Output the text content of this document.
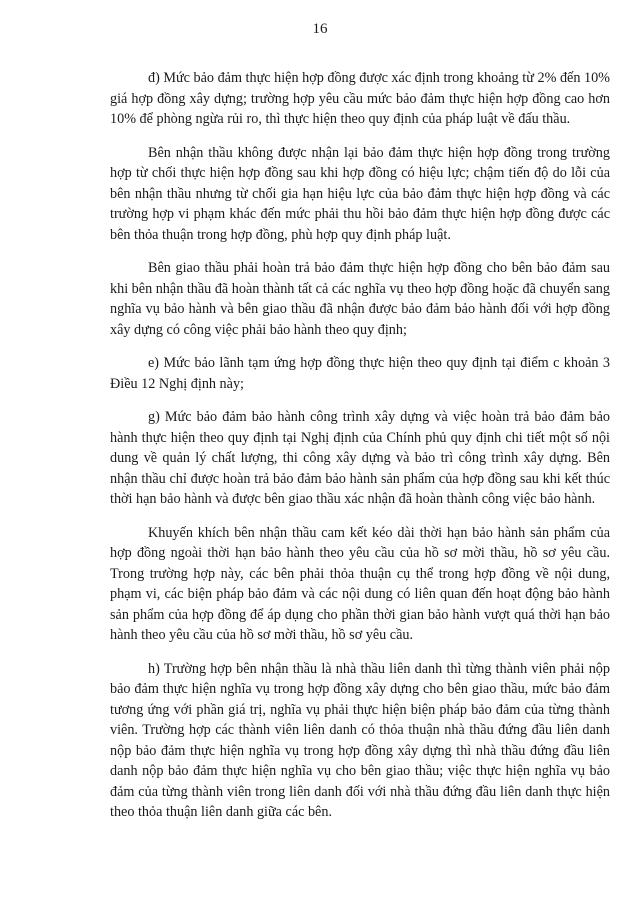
16

đ) Mức bảo đảm thực hiện hợp đồng được xác định trong khoảng từ 2% đến 10% giá hợp đồng xây dựng; trường hợp yêu cầu mức bảo đảm thực hiện hợp đồng cao hơn 10% để phòng ngừa rủi ro, thì thực hiện theo quy định của pháp luật về đấu thầu.

Bên nhận thầu không được nhận lại bảo đảm thực hiện hợp đồng trong trường hợp từ chối thực hiện hợp đồng sau khi hợp đồng có hiệu lực; chậm tiến độ do lỗi của bên nhận thầu nhưng từ chối gia hạn hiệu lực của bảo đảm thực hiện hợp đồng và các trường hợp vi phạm khác đến mức phải thu hồi bảo đảm thực hiện hợp đồng được các bên thỏa thuận trong hợp đồng, phù hợp quy định pháp luật.

Bên giao thầu phải hoàn trả bảo đảm thực hiện hợp đồng cho bên bảo đảm sau khi bên nhận thầu đã hoàn thành tất cả các nghĩa vụ theo hợp đồng hoặc đã chuyển sang nghĩa vụ bảo hành và bên giao thầu đã nhận được bảo đảm bảo hành đối với hợp đồng xây dựng có công việc phải bảo hành theo quy định;

e) Mức bảo lãnh tạm ứng hợp đồng thực hiện theo quy định tại điểm c khoản 3 Điều 12 Nghị định này;

g) Mức bảo đảm bảo hành công trình xây dựng và việc hoàn trả bảo đảm bảo hành thực hiện theo quy định tại Nghị định của Chính phủ quy định chi tiết một số nội dung về quản lý chất lượng, thi công xây dựng và bảo trì công trình xây dựng. Bên nhận thầu chỉ được hoàn trả bảo đảm bảo hành sản phẩm của hợp đồng sau khi kết thúc thời hạn bảo hành và được bên giao thầu xác nhận đã hoàn thành công việc bảo hành.

Khuyến khích bên nhận thầu cam kết kéo dài thời hạn bảo hành sản phẩm của hợp đồng ngoài thời hạn bảo hành theo yêu cầu của hồ sơ mời thầu, hồ sơ yêu cầu. Trong trường hợp này, các bên phải thỏa thuận cụ thể trong hợp đồng về nội dung, phạm vi, các biện pháp bảo đảm và các nội dung có liên quan đến hoạt động bảo hành sản phẩm của hợp đồng để áp dụng cho phần thời gian bảo hành vượt quá thời hạn bảo hành theo yêu cầu của hồ sơ mời thầu, hồ sơ yêu cầu.

h) Trường hợp bên nhận thầu là nhà thầu liên danh thì từng thành viên phải nộp bảo đảm thực hiện nghĩa vụ trong hợp đồng xây dựng cho bên giao thầu, mức bảo đảm tương ứng với phần giá trị, nghĩa vụ phải thực hiện biện pháp bảo đảm của từng thành viên. Trường hợp các thành viên liên danh có thỏa thuận nhà thầu đứng đầu liên danh nộp bảo đảm thực hiện nghĩa vụ trong hợp đồng xây dựng thì nhà thầu đứng đầu liên danh nộp bảo đảm thực hiện nghĩa vụ cho bên giao thầu; việc thực hiện nghĩa vụ bảo đảm của từng thành viên trong liên danh đối với nhà thầu đứng đầu liên danh thực hiện theo thỏa thuận liên danh giữa các bên.
